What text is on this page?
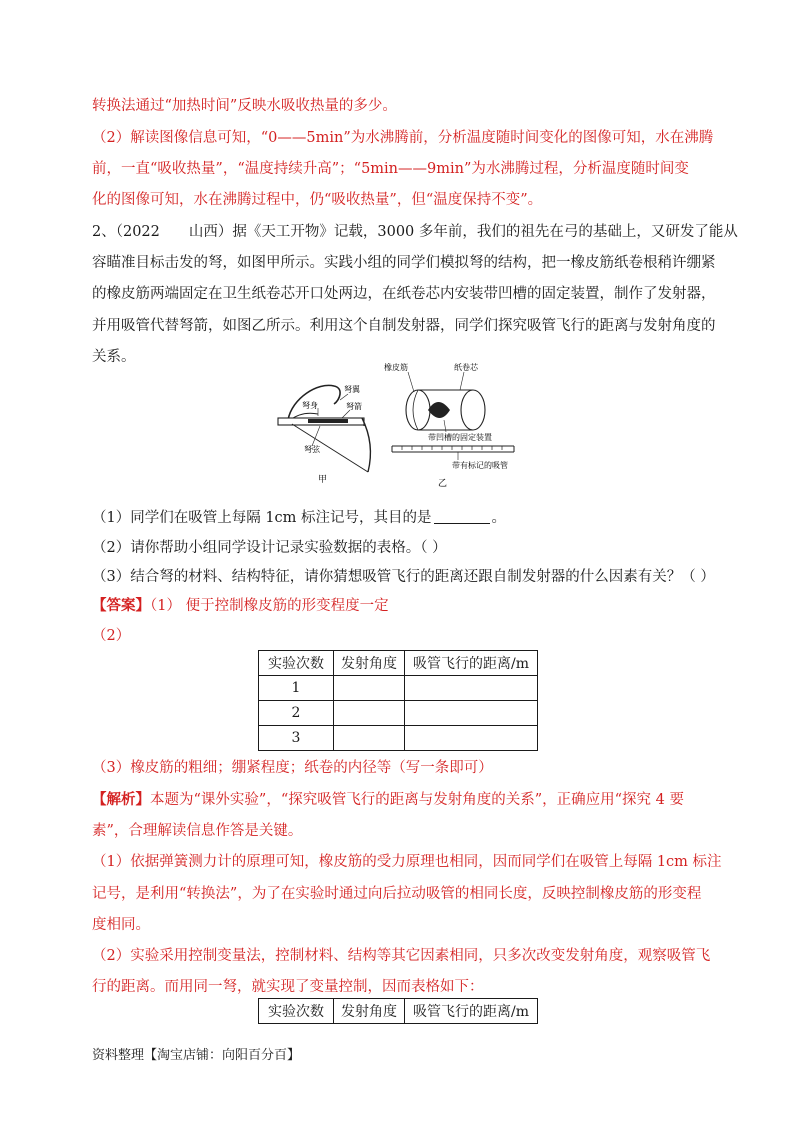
转换法通过“加热时间”反映水吸收热量的多少。
（2）解读图像信息可知，“0——5min”为水沸腾前，分析温度随时间变化的图像可知，水在沸腾
前，一直“吸收热量”，“温度持续升高”；“5min——9min”为水沸腾过程，分析温度随时间变
化的图像可知，水在沸腾过程中，仍“吸收热量”，但“温度保持不变”。
2、（2022　　山西）据《天工开物》记载，3000 多年前，我们的祖先在弓的基础上，又研发了能从
容瞄准目标击发的弩，如图甲所示。实践小组的同学们模拟弩的结构，把一橡皮筋纸卷根稍许绷紧
的橡皮筋两端固定在卫生纸卷芯开口处两边，在纸卷芯内安装带凹槽的固定装置，制作了发射器，
并用吸管代替弩箭，如图乙所示。利用这个自制发射器，同学们探究吸管飞行的距离与发射角度的
关系。
弩身
弩翼
弩箭
弩弦
甲
橡皮筋	纸卷芯
带凹槽的固定装置
带有标记的吸管
乙
（1）同学们在吸管上每隔 1cm 标注记号，其目的是	。
（2）请你帮助小组同学设计记录实验数据的表格。（ ）
（3）结合弩的材料、结构特征，请你猜想吸管飞行的距离还跟自制发射器的什么因素有关？（ ）
【答案】（1） 便于控制橡皮筋的形变程度一定
（2）
实验次数	发射角度	吸管飞行的距离/m
1		
2		
3		
（3）橡皮筋的粗细；绷紧程度；纸卷的内径等（写一条即可）
【解析】本题为“课外实验”，“探究吸管飞行的距离与发射角度的关系”，正确应用“探究 4 要
素”，合理解读信息作答是关键。
（1）依据弹簧测力计的原理可知，橡皮筋的受力原理也相同，因而同学们在吸管上每隔 1cm 标注
记号，是利用“转换法”，为了在实验时通过向后拉动吸管的相同长度，反映控制橡皮筋的形变程
度相同。
（2）实验采用控制变量法，控制材料、结构等其它因素相同，只多次改变发射角度，观察吸管飞
行的距离。而用同一弩，就实现了变量控制，因而表格如下：
实验次数	发射角度	吸管飞行的距离/m
资料整理【淘宝店铺：向阳百分百】
